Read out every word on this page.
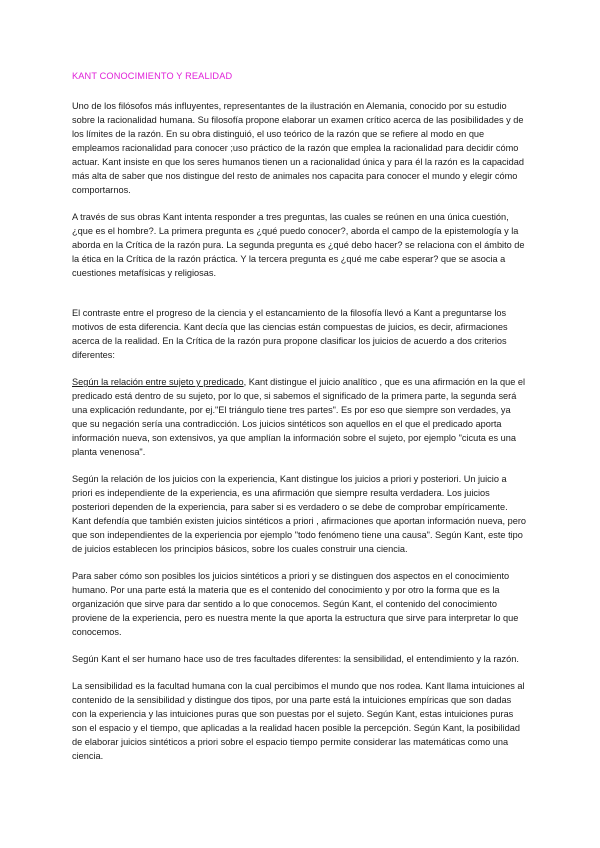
KANT CONOCIMIENTO Y REALIDAD

Uno de los filósofos más influyentes, representantes de la ilustración en Alemania, conocido por su estudio sobre la racionalidad humana. Su filosofía propone elaborar un examen crítico acerca de las posibilidades y de los límites de la razón. En su obra distinguió, el uso teórico de la razón que se refiere al modo en que empleamos racionalidad para conocer ;uso práctico de la razón que emplea la racionalidad para decidir cómo actuar. Kant insiste en que los seres humanos tienen un a racionalidad única y para él la razón es la capacidad más alta de saber que nos distingue del resto de animales nos capacita para conocer el mundo y elegir cómo comportarnos.

A través de sus obras Kant intenta responder a tres preguntas, las cuales se reúnen en una única cuestión, ¿que es el hombre?. La primera pregunta es ¿qué puedo conocer?, aborda el campo de la epistemología y la aborda en la Crítica de la razón pura. La segunda pregunta es ¿qué debo hacer? se relaciona con el ámbito de la ética en la Crítica de la razón práctica. Y la tercera pregunta es ¿qué me cabe esperar? que se asocia a cuestiones metafísicas y religiosas.

El contraste entre el progreso de la ciencia y el estancamiento de la filosofía llevó a Kant a preguntarse los motivos de esta diferencia. Kant decía que las ciencias están compuestas de juicios, es decir, afirmaciones acerca de la realidad. En la Crítica de la razón pura propone clasificar los juicios de acuerdo a dos criterios diferentes:

Según la relación entre sujeto y predicado, Kant distingue el juicio analítico , que es una afirmación en la que el predicado está dentro de su sujeto, por lo que, si sabemos el significado de la primera parte, la segunda será una explicación redundante, por ej."El triángulo tiene tres partes". Es por eso que siempre son verdades, ya que su negación sería una contradicción. Los juicios sintéticos son aquellos en el que el predicado aporta información nueva, son extensivos, ya que amplían la información sobre el sujeto, por ejemplo "cicuta es una planta venenosa".

Según la relación de los juicios con la experiencia, Kant distingue los juicios a priori y posteriori. Un juicio a priori es independiente de la experiencia, es una afirmación que siempre resulta verdadera. Los juicios posteriori dependen de la experiencia, para saber si es verdadero o se debe de comprobar empíricamente. Kant defendía que también existen juicios sintéticos a priori , afirmaciones que aportan información nueva, pero que son independientes de la experiencia por ejemplo "todo fenómeno tiene una causa". Según Kant, este tipo de juicios establecen los principios básicos, sobre los cuales construir una ciencia.

Para saber cómo son posibles los juicios sintéticos a priori y se distinguen dos aspectos en el conocimiento humano. Por una parte está la materia que es el contenido del conocimiento y por otro la forma que es la organización que sirve para dar sentido a lo que conocemos. Según Kant, el contenido del conocimiento proviene de la experiencia, pero es nuestra mente la que aporta la estructura que sirve para interpretar lo que conocemos.

Según Kant el ser humano hace uso de tres facultades diferentes: la sensibilidad, el entendimiento y la razón.

La sensibilidad es la facultad humana con la cual percibimos el mundo que nos rodea. Kant llama intuiciones al contenido de la sensibilidad y distingue dos tipos, por una parte está la intuiciones empíricas que son dadas con la experiencia y las intuiciones puras que son puestas por el sujeto. Según Kant, estas intuiciones puras son el espacio y el tiempo, que aplicadas a la realidad hacen posible la percepción. Según Kant, la posibilidad de elaborar juicios sintéticos a priori sobre el espacio tiempo permite considerar las matemáticas como una ciencia.
